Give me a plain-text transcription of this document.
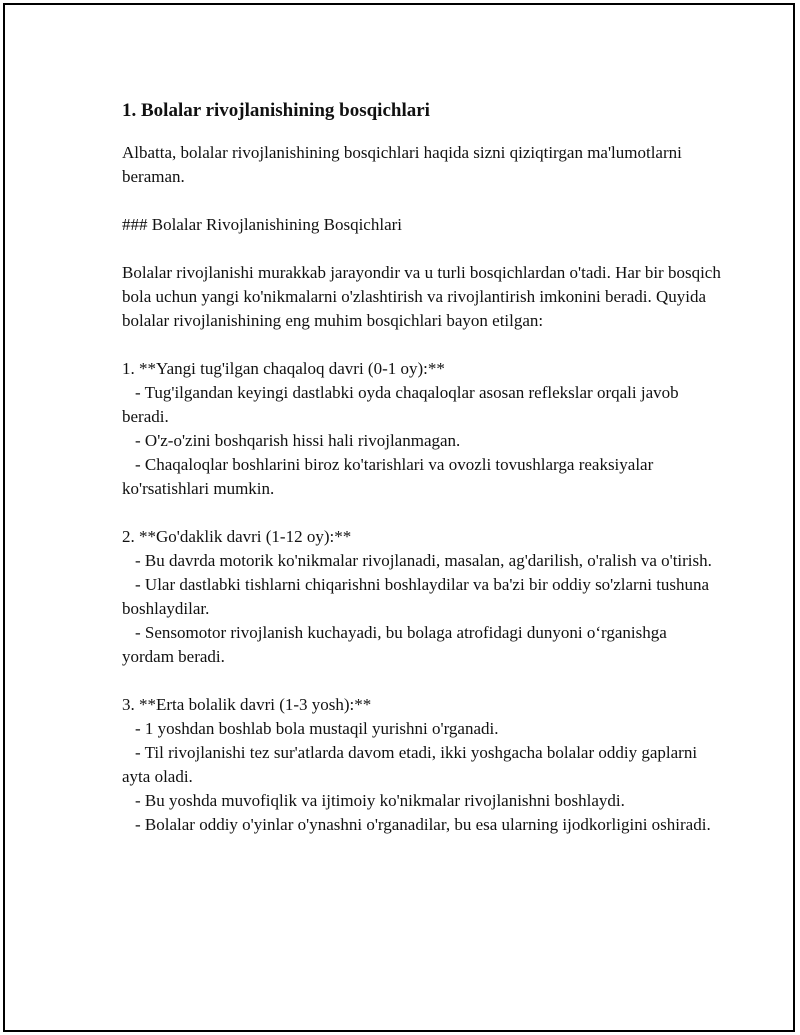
1. Bolalar rivojlanishining bosqichlari

Albatta, bolalar rivojlanishining bosqichlari haqida sizni qiziqtirgan ma'lumotlarni beraman.

### Bolalar Rivojlanishining Bosqichlari

Bolalar rivojlanishi murakkab jarayondir va u turli bosqichlardan o'tadi. Har bir bosqich bola uchun yangi ko'nikmalarni o'zlashtirish va rivojlantirish imkonini beradi. Quyida bolalar rivojlanishining eng muhim bosqichlari bayon etilgan:

1. **Yangi tug'ilgan chaqaloq davri (0-1 oy):**

- Tug'ilgandan keyingi dastlabki oyda chaqaloqlar asosan reflekslar orqali javob beradi.

- O'z-o'zini boshqarish hissi hali rivojlanmagan.

- Chaqaloqlar boshlarini biroz ko'tarishlari va ovozli tovushlarga reaksiyalar ko'rsatishlari mumkin.

2. **Go'daklik davri (1-12 oy):**

- Bu davrda motorik ko'nikmalar rivojlanadi, masalan, ag'darilish, o'ralish va o'tirish.

- Ular dastlabki tishlarni chiqarishni boshlaydilar va ba'zi bir oddiy so'zlarni tushuna boshlaydilar.

- Sensomotor rivojlanish kuchayadi, bu bolaga atrofidagi dunyoni o‘rganishga yordam beradi.

3. **Erta bolalik davri (1-3 yosh):**

- 1 yoshdan boshlab bola mustaqil yurishni o'rganadi.

- Til rivojlanishi tez sur'atlarda davom etadi, ikki yoshgacha bolalar oddiy gaplarni ayta oladi.

- Bu yoshda muvofiqlik va ijtimoiy ko'nikmalar rivojlanishni boshlaydi.

- Bolalar oddiy o'yinlar o'ynashni o'rganadilar, bu esa ularning ijodkorligini oshiradi.
